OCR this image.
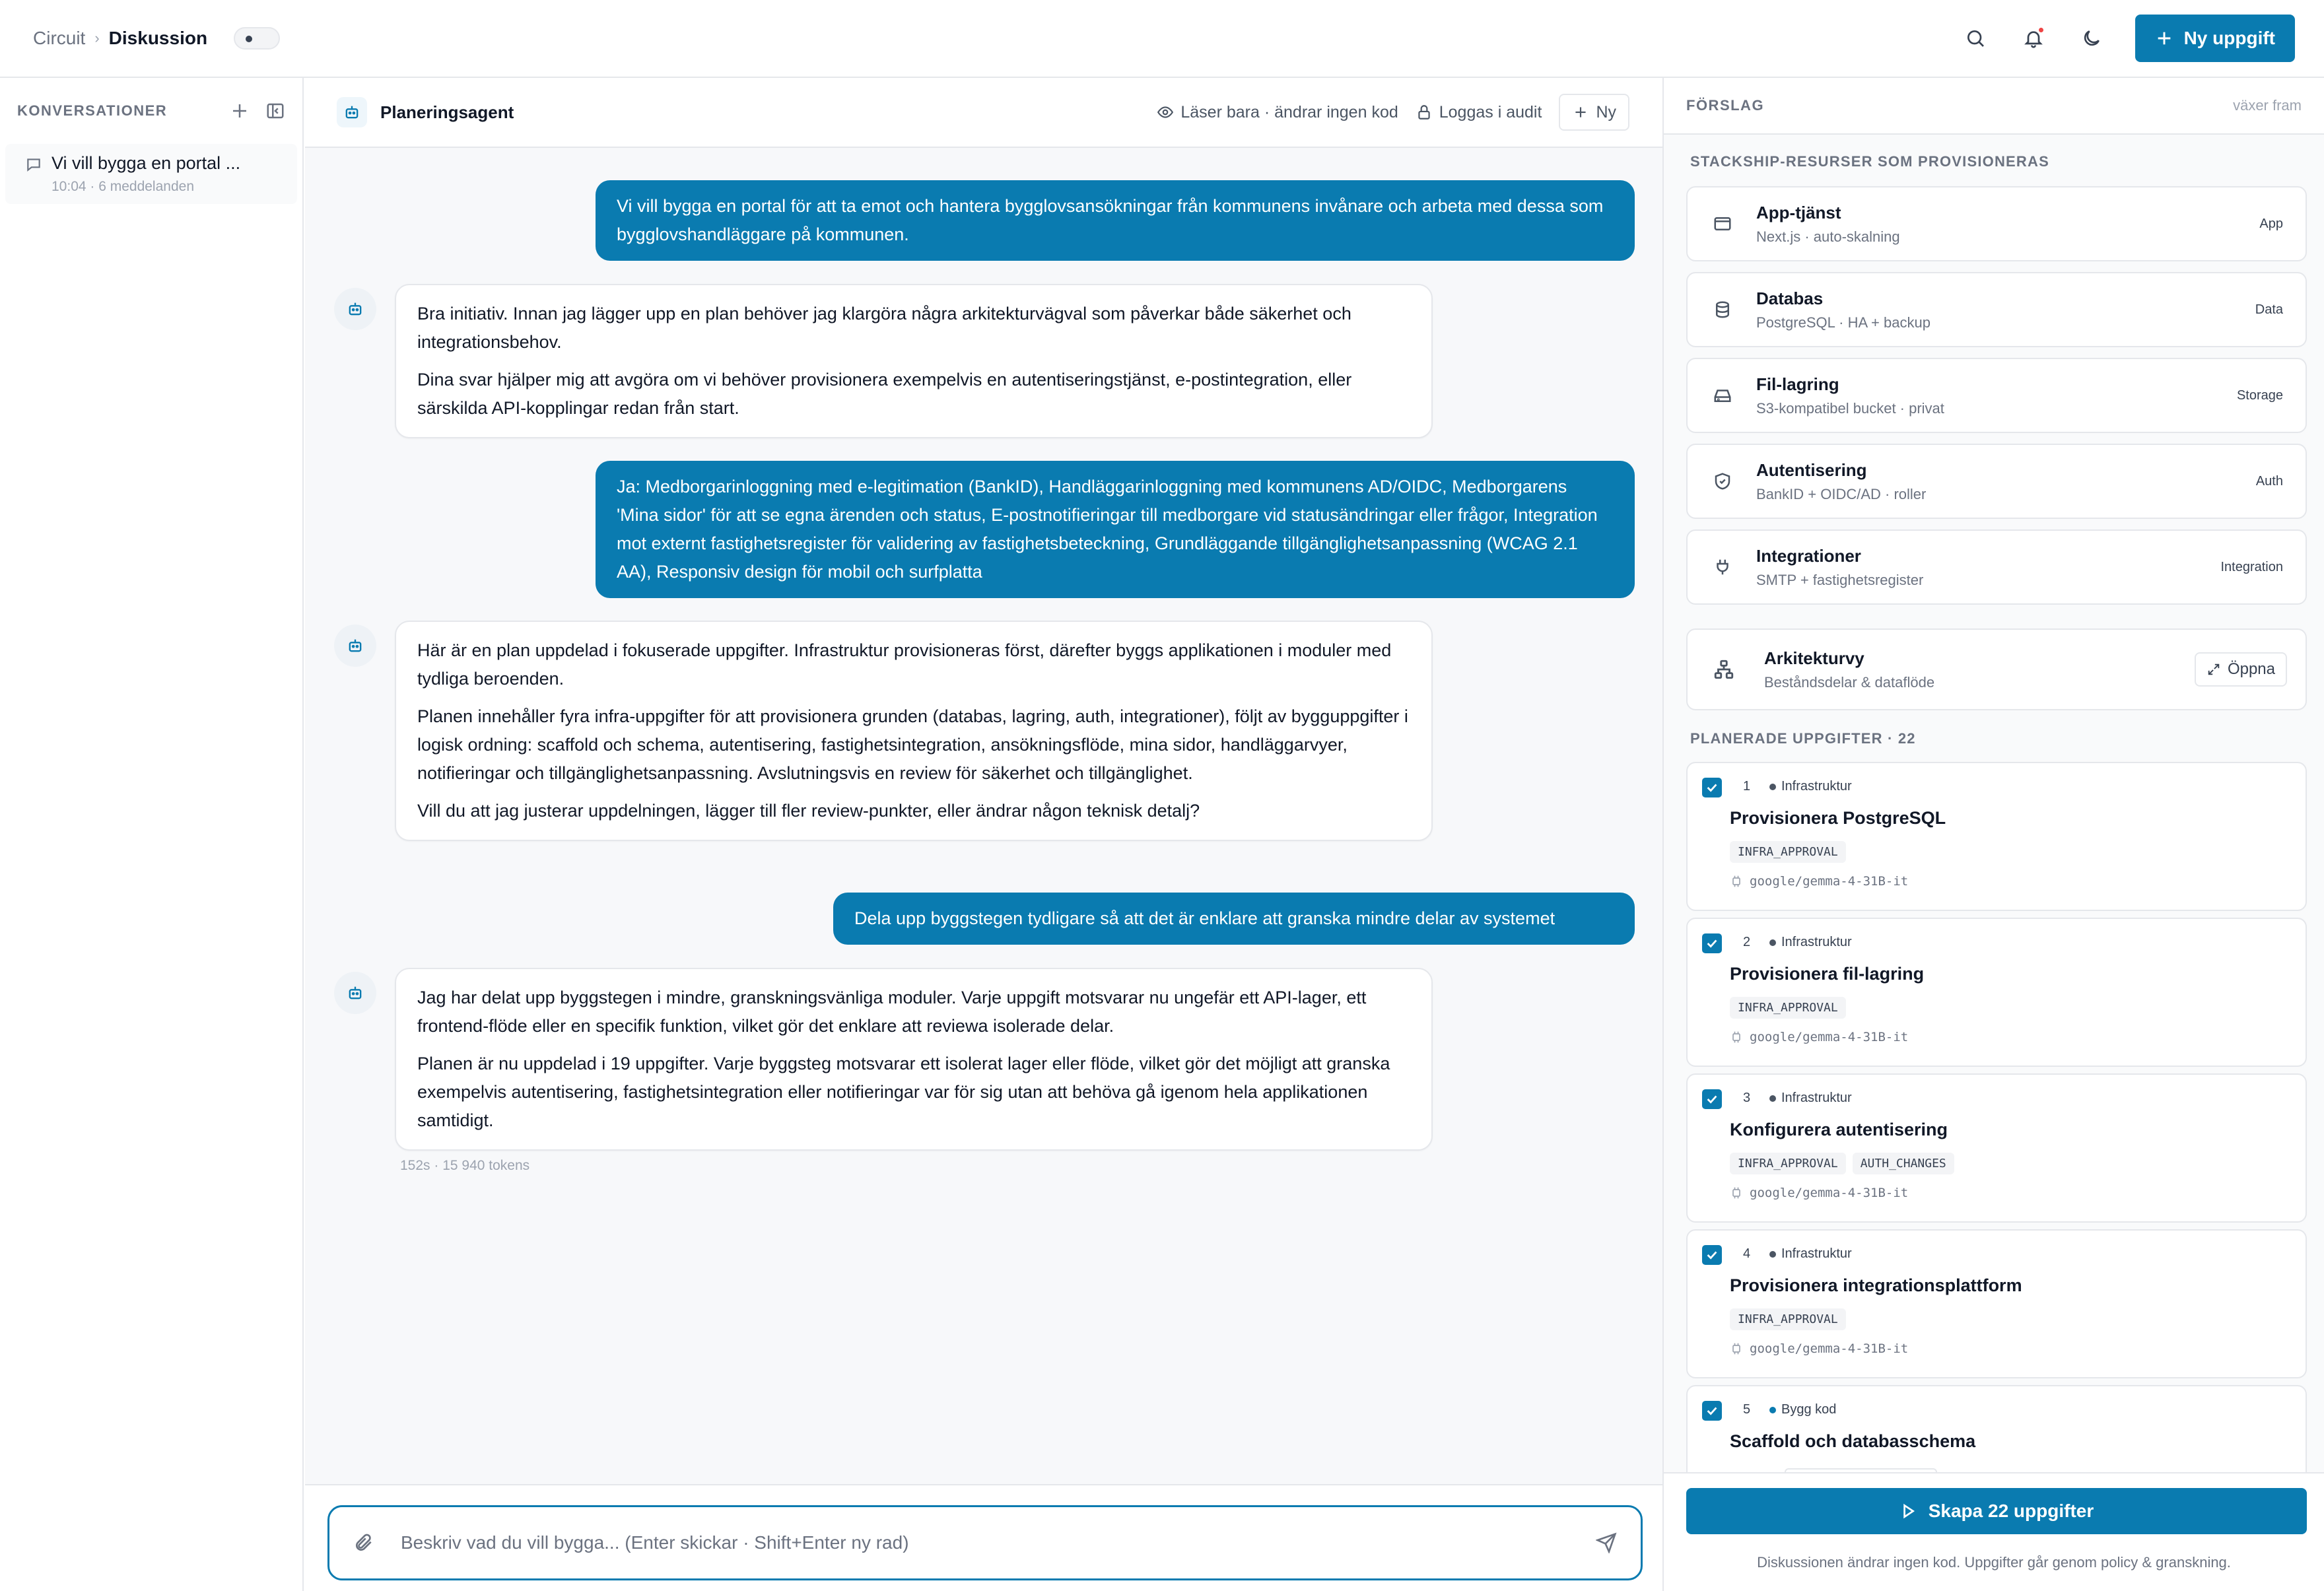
Circuit › Diskussion	Ny uppgift
KONVERSATIONER
Vi vill bygga en portal ...
10:04 · 6 meddelanden
Planeringsagent	Läser bara · ändrar ingen kod Loggas i audit	Ny

Vi vill bygga en portal för att ta emot och hantera bygglovsansökningar från kommunens invånare och arbeta med dessa som bygglovshandläggare på kommunen.

Bra initiativ. Innan jag lägger upp en plan behöver jag klargöra några arkitekturvägval som påverkar både säkerhet och integrationsbehov.

Dina svar hjälper mig att avgöra om vi behöver provisionera exempelvis en autentiseringstjänst, e-postintegration, eller särskilda API-kopplingar redan från start.

Ja: Medborgarinloggning med e-legitimation (BankID), Handläggarinloggning med kommunens AD/OIDC, Medborgarens 'Mina sidor' för att se egna ärenden och status, E-postnotifieringar till medborgare vid statusändringar eller frågor, Integration mot externt fastighetsregister för validering av fastighetsbeteckning, Grundläggande tillgänglighetsanpassning (WCAG 2.1 AA), Responsiv design för mobil och surfplatta

Här är en plan uppdelad i fokuserade uppgifter. Infrastruktur provisioneras först, därefter byggs applikationen i moduler med tydliga beroenden.

Planen innehåller fyra infra-uppgifter för att provisionera grunden (databas, lagring, auth, integrationer), följt av bygguppgifter i logisk ordning: scaffold och schema, autentisering, fastighetsintegration, ansökningsflöde, mina sidor, handläggarvyer, notifieringar och tillgänglighetsanpassning. Avslutningsvis en review för säkerhet och tillgänglighet.

Vill du att jag justerar uppdelningen, lägger till fler review-punkter, eller ändrar någon teknisk detalj?

Dela upp byggstegen tydligare så att det är enklare att granska mindre delar av systemet

Jag har delat upp byggstegen i mindre, granskningsvänliga moduler. Varje uppgift motsvarar nu ungefär ett API-lager, ett frontend-flöde eller en specifik funktion, vilket gör det enklare att reviewa isolerade delar.

Planen är nu uppdelad i 19 uppgifter. Varje byggsteg motsvarar ett isolerat lager eller flöde, vilket gör det möjligt att granska exempelvis autentisering, fastighetsintegration eller notifieringar var för sig utan att behöva gå igenom hela applikationen samtidigt.

152s · 15 940 tokens
Beskriv vad du vill bygga... (Enter skickar · Shift+Enter ny rad)
FÖRSLAG	växer fram
STACKSHIP-RESURSER SOM PROVISIONERAS
App-tjänst
Next.js · auto-skalning
App
Databas
PostgreSQL · HA + backup
Data
Fil-lagring
S3-kompatibel bucket · privat
Storage
Autentisering
BankID + OIDC/AD · roller
Auth
Integrationer
SMTP + fastighetsregister
Integration
Arkitekturvy
Beståndsdelar & dataflöde
Öppna
PLANERADE UPPGIFTER · 22
1 Infrastruktur
Provisionera PostgreSQL
INFRA_APPROVAL
google/gemma-4-31B-it
2 Infrastruktur
Provisionera fil-lagring
INFRA_APPROVAL
google/gemma-4-31B-it
3 Infrastruktur
Konfigurera autentisering
INFRA_APPROVAL	AUTH_CHANGES
google/gemma-4-31B-it
4 Infrastruktur
Provisionera integrationsplattform
INFRA_APPROVAL
google/gemma-4-31B-it
5 Bygg kod
Scaffold och databasschema
Skapa 22 uppgifter
Diskussionen ändrar ingen kod. Uppgifter går genom policy & granskning.
